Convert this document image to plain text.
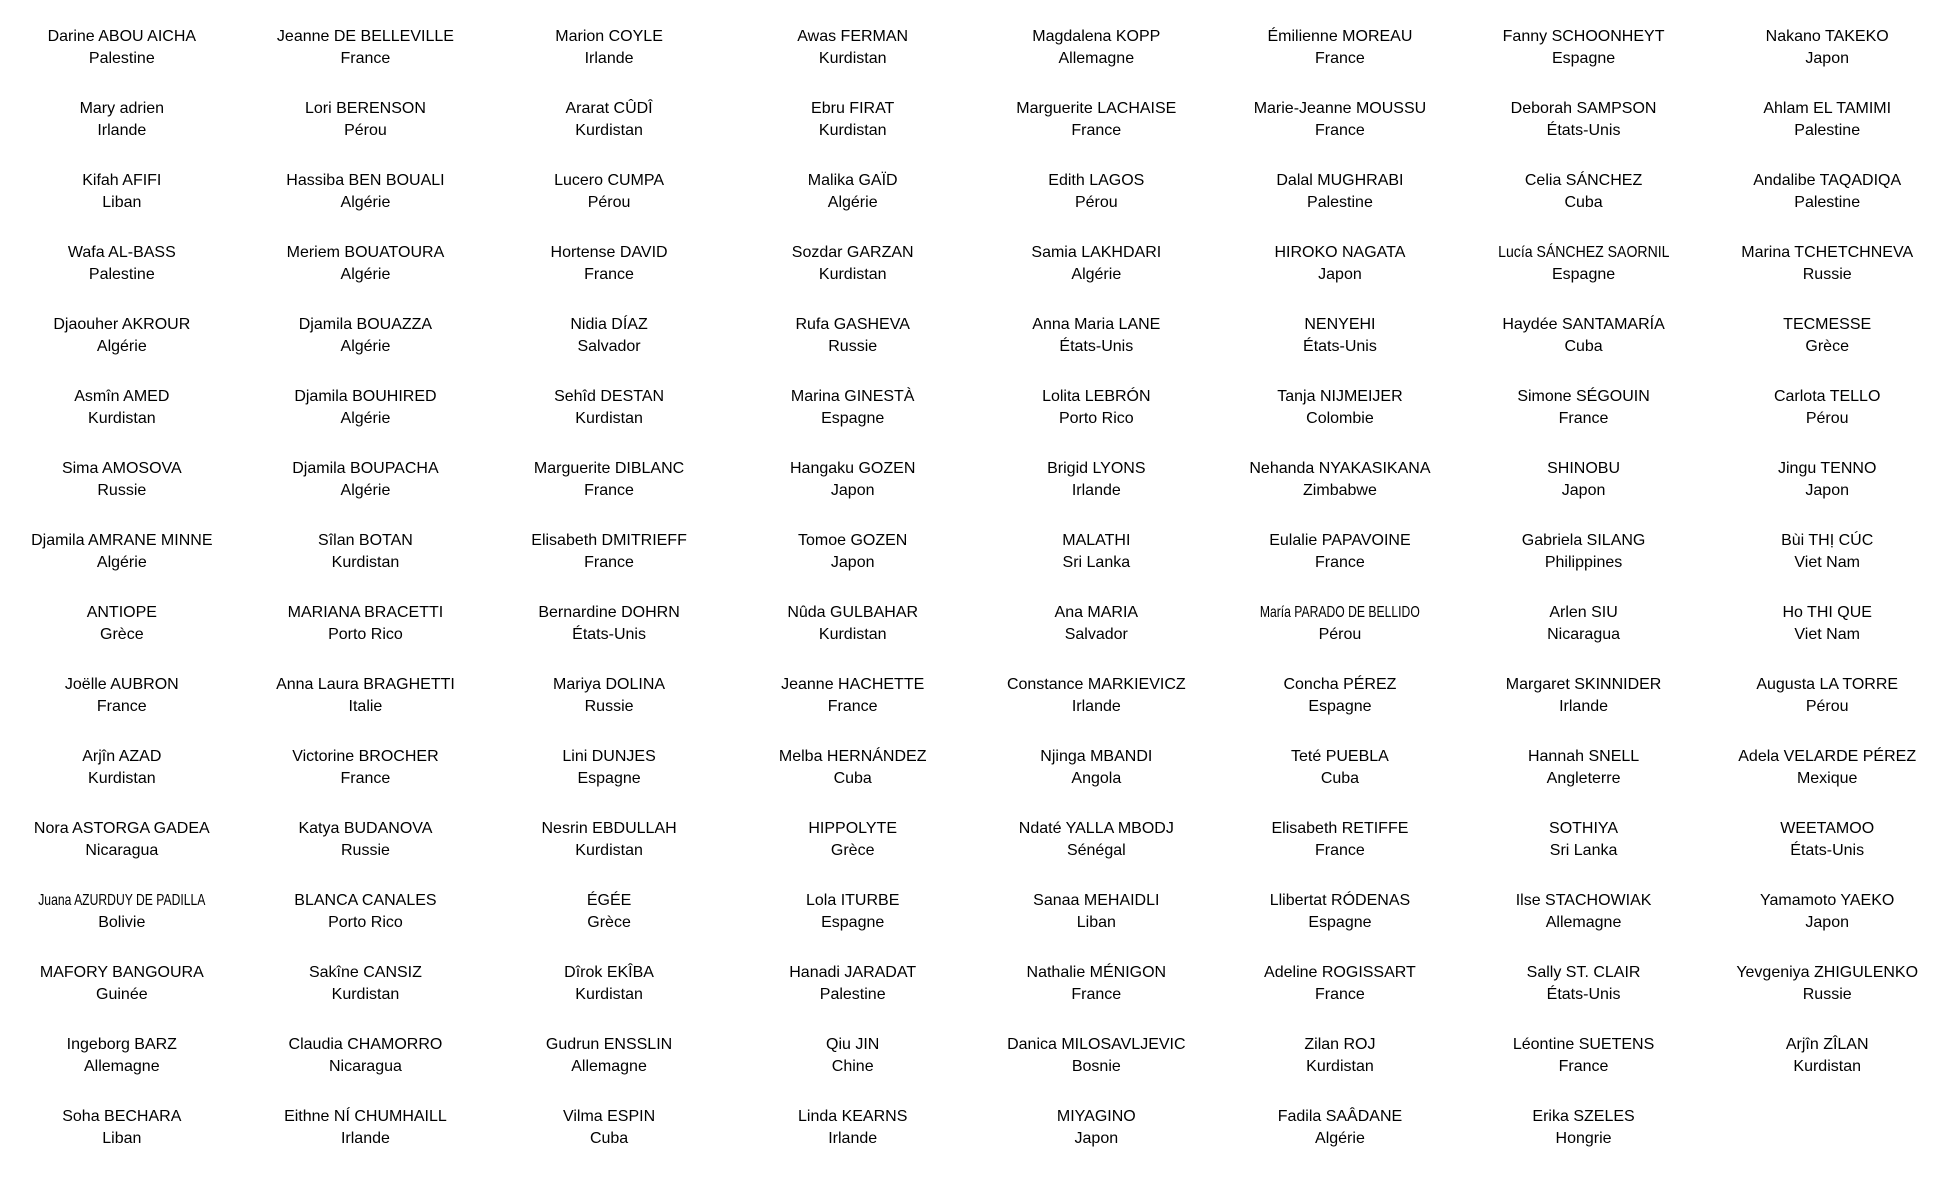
Darine ABOU AICHA
Palestine
Jeanne DE BELLEVILLE
France
Marion COYLE
Irlande
Awas FERMAN
Kurdistan
Magdalena KOPP
Allemagne
Émilienne MOREAU
France
Fanny SCHOONHEYT
Espagne
Nakano TAKEKO
Japon
Mary adrien
Irlande
Lori BERENSON
Pérou
Ararat CÛDÎ
Kurdistan
Ebru FIRAT
Kurdistan
Marguerite LACHAISE
France
Marie-Jeanne MOUSSU
France
Deborah SAMPSON
États-Unis
Ahlam EL TAMIMI
Palestine
Kifah AFIFI
Liban
Hassiba BEN BOUALI
Algérie
Lucero CUMPA
Pérou
Malika GAÏD
Algérie
Edith LAGOS
Pérou
Dalal MUGHRABI
Palestine
Celia SÁNCHEZ
Cuba
Andalibe TAQADIQA
Palestine
Wafa AL-BASS
Palestine
Meriem BOUATOURA
Algérie
Hortense DAVID
France
Sozdar GARZAN
Kurdistan
Samia LAKHDARI
Algérie
HIROKO NAGATA
Japon
Lucía SÁNCHEZ SAORNIL
Espagne
Marina TCHETCHNEVA
Russie
Djaouher AKROUR
Algérie
Djamila BOUAZZA
Algérie
Nidia DÍAZ
Salvador
Rufa GASHEVA
Russie
Anna Maria LANE
États-Unis
NENYEHI
États-Unis
Haydée SANTAMARÍA
Cuba
TECMESSE
Grèce
Asmîn AMED
Kurdistan
Djamila BOUHIRED
Algérie
Sehîd DESTAN
Kurdistan
Marina GINESTÀ
Espagne
Lolita LEBRÓN
Porto Rico
Tanja NIJMEIJER
Colombie
Simone SÉGOUIN
France
Carlota TELLO
Pérou
Sima AMOSOVA
Russie
Djamila BOUPACHA
Algérie
Marguerite DIBLANC
France
Hangaku GOZEN
Japon
Brigid LYONS
Irlande
Nehanda NYAKASIKANA
Zimbabwe
SHINOBU
Japon
Jingu TENNO
Japon
Djamila AMRANE MINNE
Algérie
Sîlan BOTAN
Kurdistan
Elisabeth DMITRIEFF
France
Tomoe GOZEN
Japon
MALATHI
Sri Lanka
Eulalie PAPAVOINE
France
Gabriela SILANG
Philippines
Bùi THỊ CÚC
Viet Nam
ANTIOPE
Grèce
MARIANA BRACETTI
Porto Rico
Bernardine DOHRN
États-Unis
Nûda GULBAHAR
Kurdistan
Ana MARIA
Salvador
María PARADO DE BELLIDO
Pérou
Arlen SIU
Nicaragua
Ho THI QUE
Viet Nam
Joëlle AUBRON
France
Anna Laura BRAGHETTI
Italie
Mariya DOLINA
Russie
Jeanne HACHETTE
France
Constance MARKIEVICZ
Irlande
Concha PÉREZ
Espagne
Margaret SKINNIDER
Irlande
Augusta LA TORRE
Pérou
Arjîn AZAD
Kurdistan
Victorine BROCHER
France
Lini DUNJES
Espagne
Melba HERNÁNDEZ
Cuba
Njinga MBANDI
Angola
Teté PUEBLA
Cuba
Hannah SNELL
Angleterre
Adela VELARDE PÉREZ
Mexique
Nora ASTORGA GADEA
Nicaragua
Katya BUDANOVA
Russie
Nesrin EBDULLAH
Kurdistan
HIPPOLYTE
Grèce
Ndaté YALLA MBODJ
Sénégal
Elisabeth RETIFFE
France
SOTHIYA
Sri Lanka
WEETAMOO
États-Unis
Juana AZURDUY DE PADILLA
Bolivie
BLANCA CANALES
Porto Rico
ÉGÉE
Grèce
Lola ITURBE
Espagne
Sanaa MEHAIDLI
Liban
Llibertat RÓDENAS
Espagne
Ilse STACHOWIAK
Allemagne
Yamamoto YAEKO
Japon
MAFORY BANGOURA
Guinée
Sakîne CANSIZ
Kurdistan
Dîrok EKÎBA
Kurdistan
Hanadi JARADAT
Palestine
Nathalie MÉNIGON
France
Adeline ROGISSART
France
Sally ST. CLAIR
États-Unis
Yevgeniya ZHIGULENKO
Russie
Ingeborg BARZ
Allemagne
Claudia CHAMORRO
Nicaragua
Gudrun ENSSLIN
Allemagne
Qiu JIN
Chine
Danica MILOSAVLJEVIC
Bosnie
Zilan ROJ
Kurdistan
Léontine SUETENS
France
Arjîn ZÎLAN
Kurdistan
Soha BECHARA
Liban
Eithne NÍ CHUMHAILL
Irlande
Vilma ESPIN
Cuba
Linda KEARNS
Irlande
MIYAGINO
Japon
Fadila SAÂDANE
Algérie
Erika SZELES
Hongrie
